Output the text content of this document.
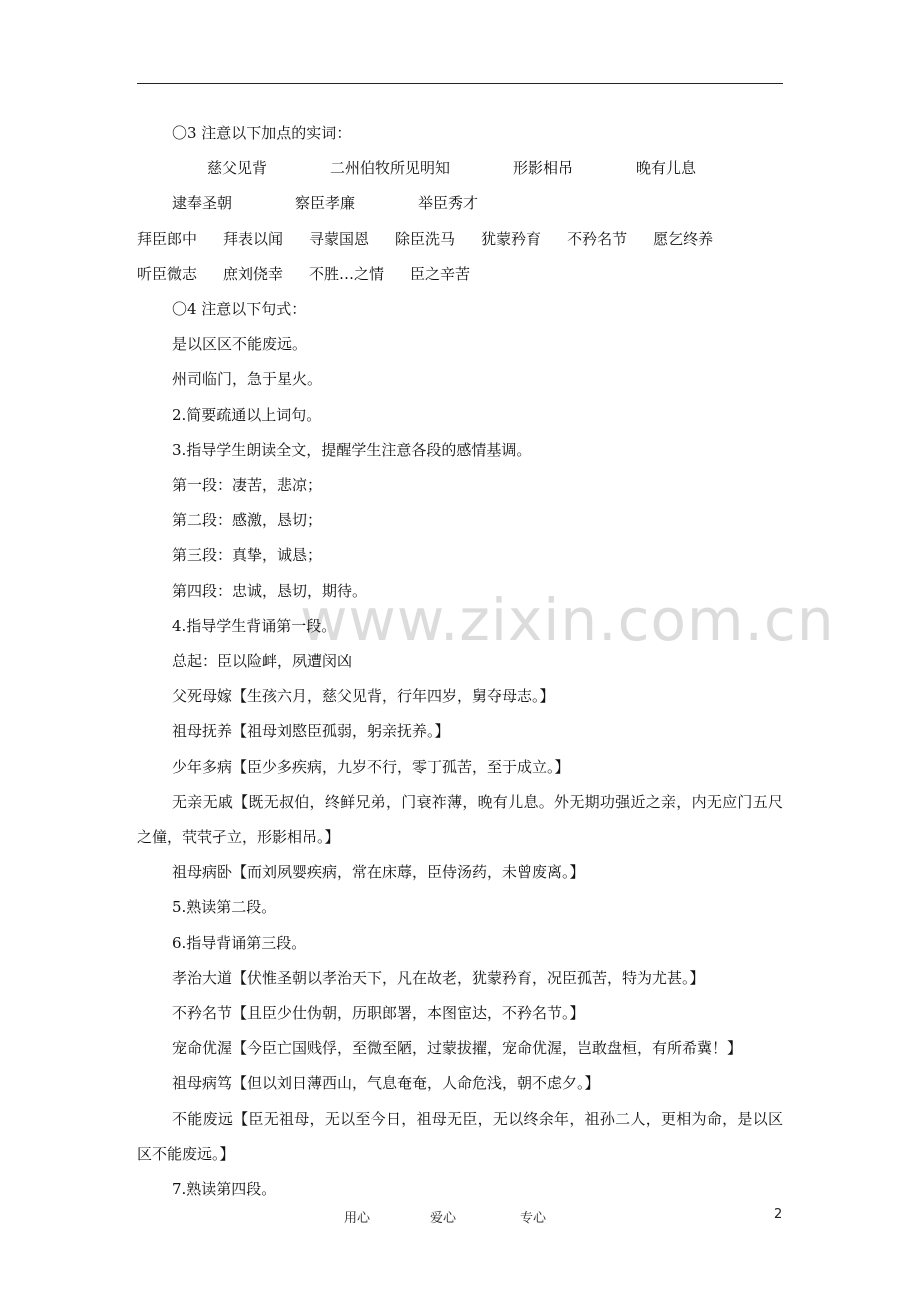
www.zixin.com.cn

〇3 注意以下加点的实词：

慈父见背	二州伯牧所见明知	形影相吊	晚有儿息逮奉圣朝	察臣孝廉	举臣秀才

拜臣郎中 拜表以闻 寻蒙国恩 除臣洗马 犹蒙矜育 不矜名节 愿乞终养听臣微志 庶刘侥幸 不胜…之情 臣之辛苦

〇4 注意以下句式：

是以区区不能废远。

州司临门，急于星火。

2.简要疏通以上词句。

3.指导学生朗读全文，提醒学生注意各段的感情基调。

第一段：凄苦，悲凉；

第二段：感激，恳切；

第三段：真挚，诚恳；

第四段：忠诚，恳切，期待。

4.指导学生背诵第一段。

总起：臣以险衅，夙遭闵凶

父死母嫁【生孩六月，慈父见背，行年四岁，舅夺母志。】

祖母抚养【祖母刘愍臣孤弱，躬亲抚养。】

少年多病【臣少多疾病，九岁不行，零丁孤苦，至于成立。】

无亲无戚【既无叔伯，终鲜兄弟，门衰祚薄，晚有儿息。外无期功强近之亲，内无应门五尺之僮，茕茕孑立，形影相吊。】

祖母病卧【而刘夙婴疾病，常在床蓐，臣侍汤药，未曾废离。】

5.熟读第二段。

6.指导背诵第三段。

孝治大道【伏惟圣朝以孝治天下，凡在故老，犹蒙矜育，况臣孤苦，特为尤甚。】

不矜名节【且臣少仕伪朝，历职郎署，本图宦达，不矜名节。】

宠命优渥【今臣亡国贱俘，至微至陋，过蒙拔擢，宠命优渥，岂敢盘桓，有所希冀！】

祖母病笃【但以刘日薄西山，气息奄奄，人命危浅，朝不虑夕。】

不能废远【臣无祖母，无以至今日，祖母无臣，无以终余年，祖孙二人，更相为命，是以区区不能废远。】

7.熟读第四段。

用心	爱心	专心	2
